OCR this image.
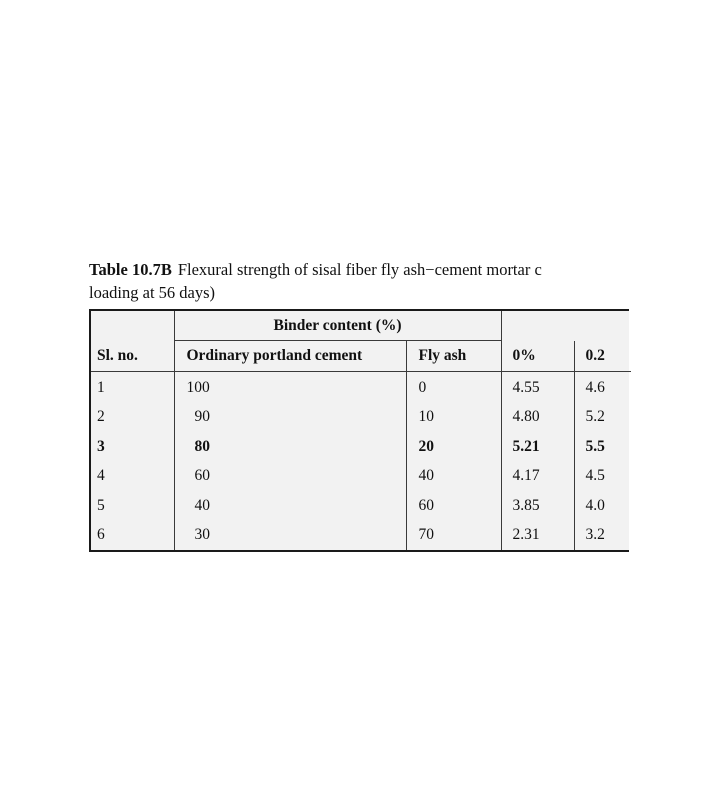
Table 10.7B Flexural strength of sisal fiber fly ash−cement mortar c
loading at 56 days)
	Binder content (%)			
Sl. no.	Ordinary portland cement	Fly ash	0%	0.2
1	100	0	4.55	4.6
2	90	10	4.80	5.2
3	80	20	5.21	5.5
4	60	40	4.17	4.5
5	40	60	3.85	4.0
6	30	70	2.31	3.2
